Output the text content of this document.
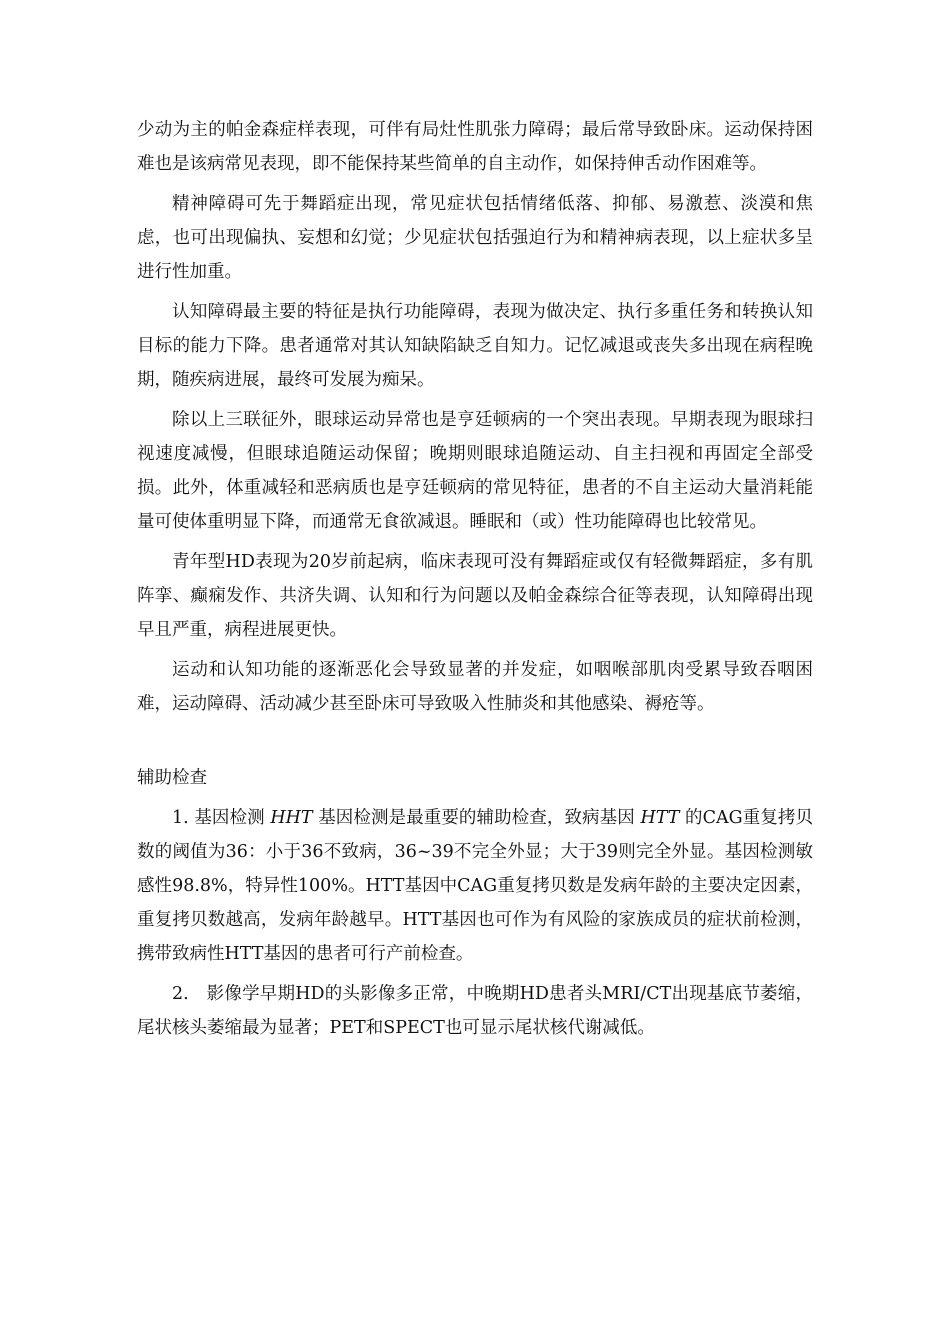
少动为主的帕金森症样表现，可伴有局灶性肌张力障碍；最后常导致卧床。运动保持困难也是该病常见表现，即不能保持某些简单的自主动作，如保持伸舌动作困难等。

精神障碍可先于舞蹈症出现，常见症状包括情绪低落、抑郁、易激惹、淡漠和焦虑，也可出现偏执、妄想和幻觉；少见症状包括强迫行为和精神病表现，以上症状多呈进行性加重。

认知障碍最主要的特征是执行功能障碍，表现为做决定、执行多重任务和转换认知目标的能力下降。患者通常对其认知缺陷缺乏自知力。记忆减退或丧失多出现在病程晚期，随疾病进展，最终可发展为痴呆。

除以上三联征外，眼球运动异常也是亨廷顿病的一个突出表现。早期表现为眼球扫视速度减慢，但眼球追随运动保留；晚期则眼球追随运动、自主扫视和再固定全部受损。此外，体重减轻和恶病质也是亨廷顿病的常见特征，患者的不自主运动大量消耗能量可使体重明显下降，而通常无食欲减退。睡眠和（或）性功能障碍也比较常见。

青年型HD表现为20岁前起病，临床表现可没有舞蹈症或仅有轻微舞蹈症，多有肌阵挛、癫痫发作、共济失调、认知和行为问题以及帕金森综合征等表现，认知障碍出现早且严重，病程进展更快。

运动和认知功能的逐渐恶化会导致显著的并发症，如咽喉部肌肉受累导致吞咽困难，运动障碍、活动减少甚至卧床可导致吸入性肺炎和其他感染、褥疮等。

辅助检查

1. 基因检测 HHT 基因检测是最重要的辅助检查，致病基因 HTT 的CAG重复拷贝数的阈值为36：小于36不致病，36~39不完全外显；大于39则完全外显。基因检测敏感性98.8%，特异性100%。HTT基因中CAG重复拷贝数是发病年龄的主要决定因素，重复拷贝数越高，发病年龄越早。HTT基因也可作为有风险的家族成员的症状前检测，携带致病性HTT基因的患者可行产前检查。

2.　影像学早期HD的头影像多正常，中晚期HD患者头MRI/CT出现基底节萎缩，尾状核头萎缩最为显著；PET和SPECT也可显示尾状核代谢减低。
